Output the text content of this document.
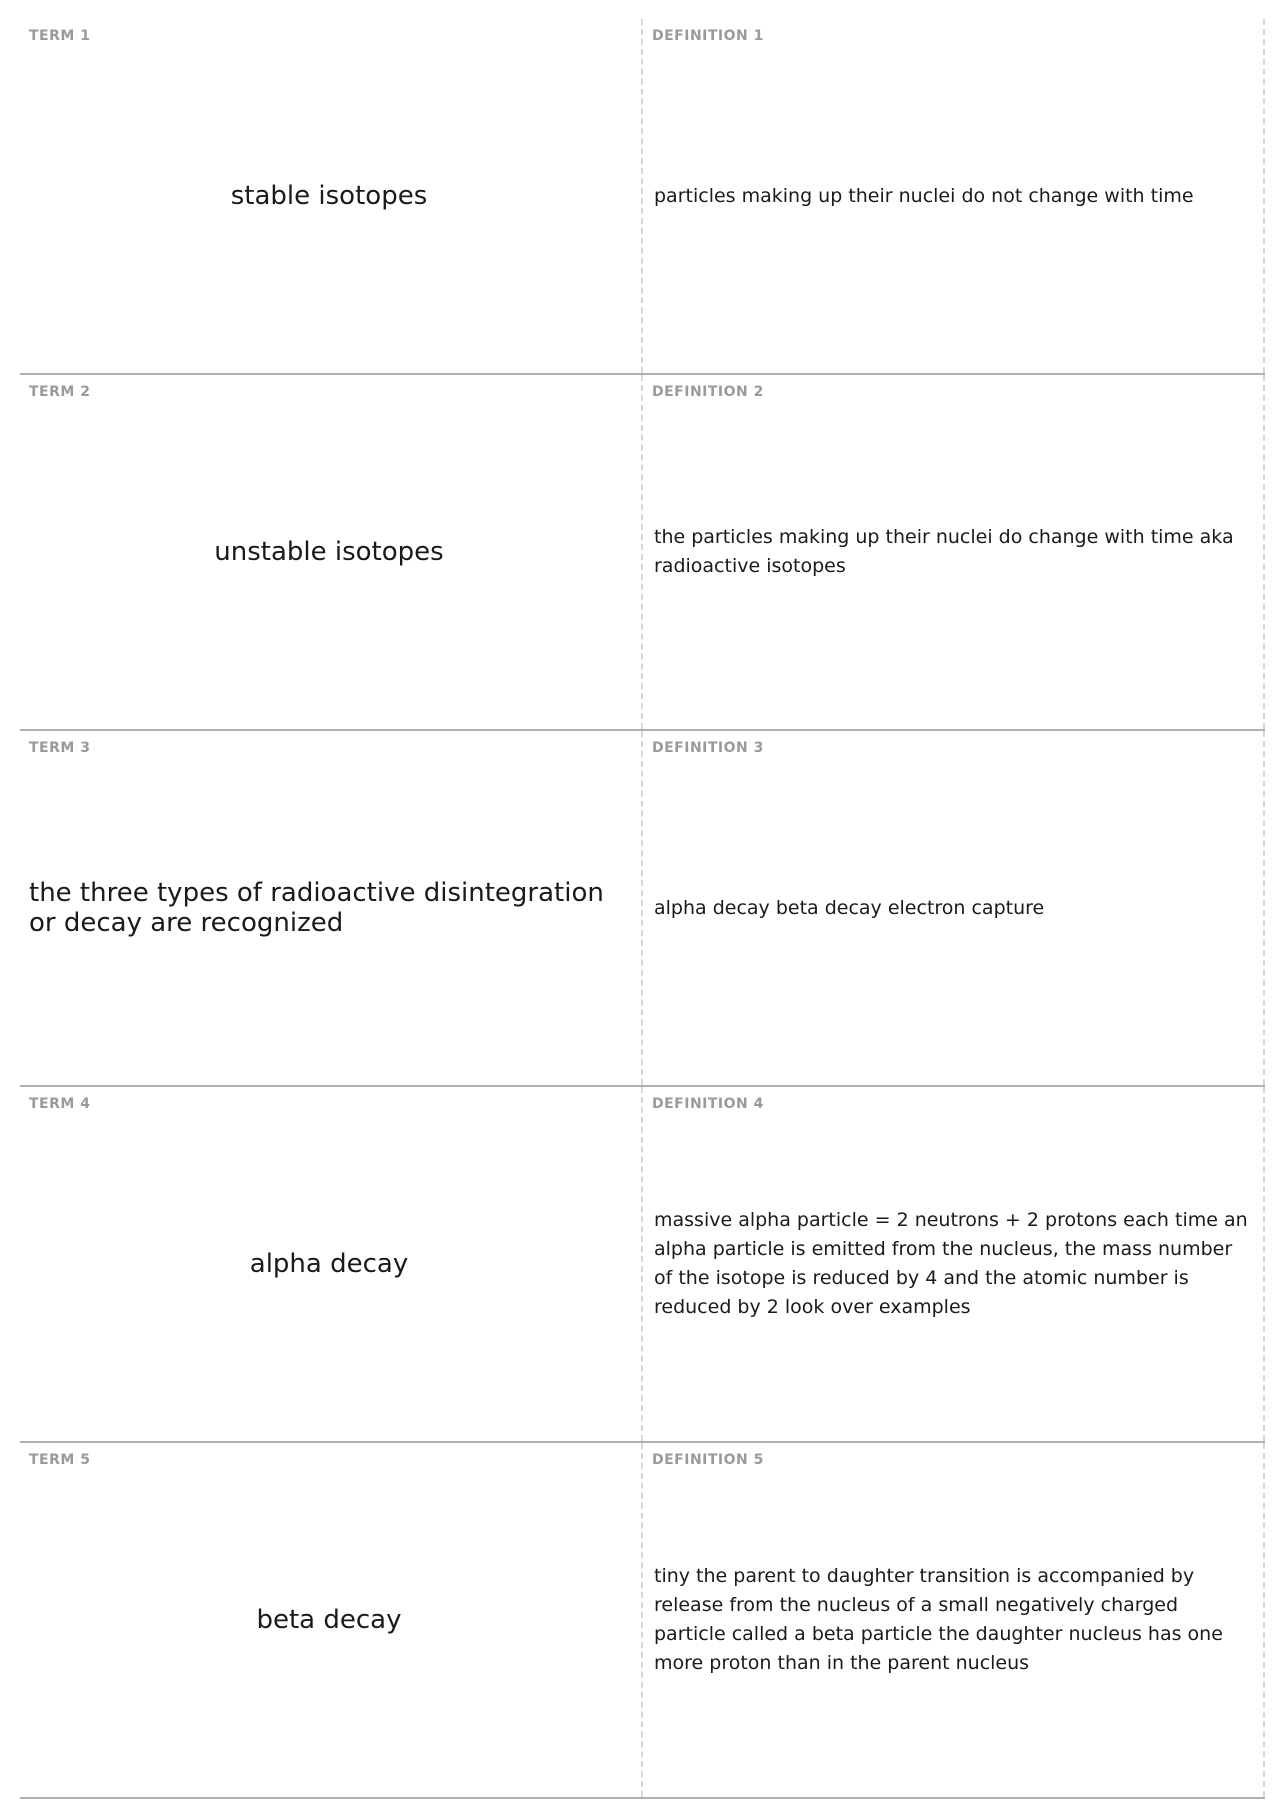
TERM 1
stable isotopes
DEFINITION 1
particles making up their nuclei do not change with time
TERM 2
unstable isotopes
DEFINITION 2
the particles making up their nuclei do change with time aka radioactive isotopes
TERM 3
the three types of radioactive disintegration or decay are recognized
DEFINITION 3
alpha decay beta decay electron capture
TERM 4
alpha decay
DEFINITION 4
massive alpha particle = 2 neutrons + 2 protons each time an alpha particle is emitted from the nucleus, the mass number of the isotope is reduced by 4 and the atomic number is reduced by 2 look over examples
TERM 5
beta decay
DEFINITION 5
tiny the parent to daughter transition is accompanied by release from the nucleus of a small negatively charged particle called a beta particle the daughter nucleus has one more proton than in the parent nucleus
